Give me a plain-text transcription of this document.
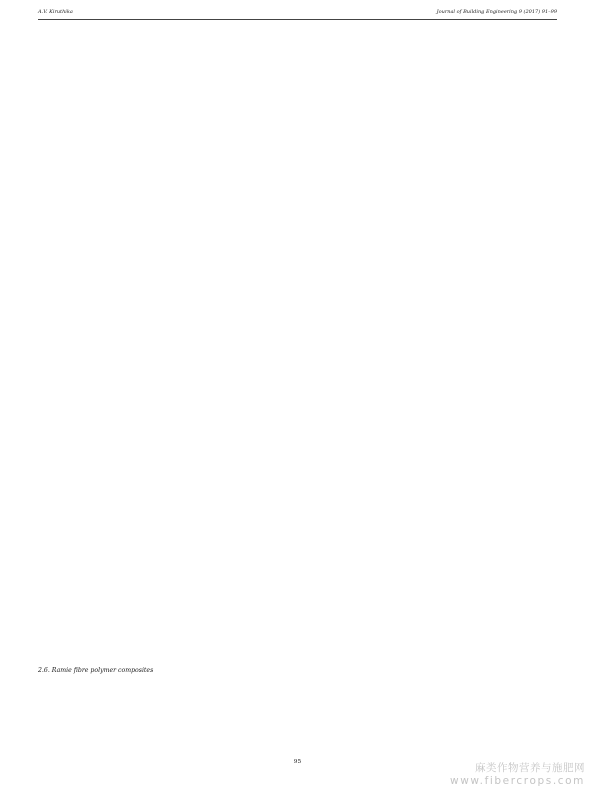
A.V. Kiruthika	Journal of Building Engineering 9 (2017) 91–99
2.6. Ramie fibre polymer composites
95	麻类作物营养与施肥网
www.fibercrops.com
